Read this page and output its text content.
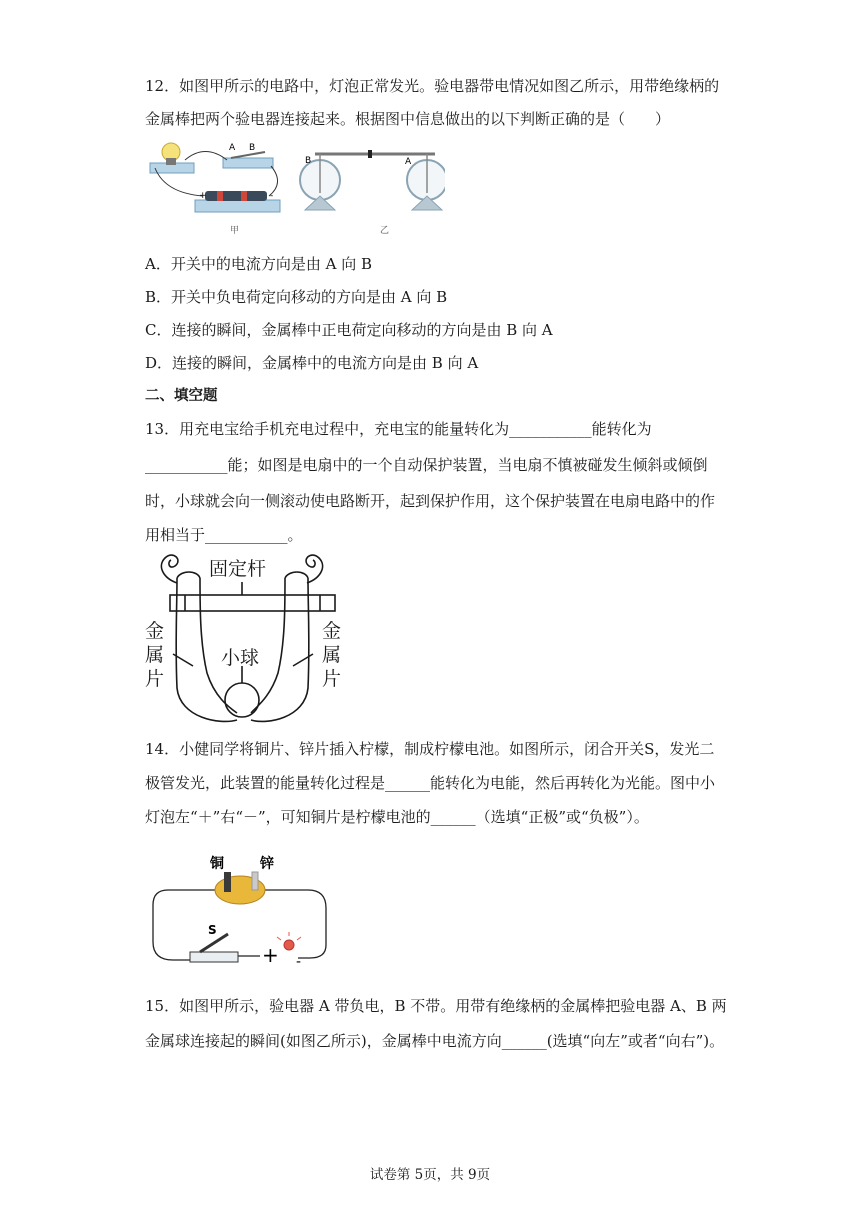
12．如图甲所示的电路中，灯泡正常发光。验电器带电情况如图乙所示，用带绝缘柄的
金属棒把两个验电器连接起来。根据图中信息做出的以下判断正确的是（　　）
A B
+	-
甲
B	A
乙
A．开关中的电流方向是由 A 向 B
B．开关中负电荷定向移动的方向是由 A 向 B
C．连接的瞬间，金属棒中正电荷定向移动的方向是由 B 向 A
D．连接的瞬间，金属棒中的电流方向是由 B 向 A
二、填空题
13．用充电宝给手机充电过程中，充电宝的能量转化为___________能转化为
___________能；如图是电扇中的一个自动保护装置，当电扇不慎被碰发生倾斜或倾倒
时，小球就会向一侧滚动使电路断开，起到保护作用，这个保护装置在电扇电路中的作
用相当于___________。
固定杆
小球
金
属
片
金
属
片
14．小健同学将铜片、锌片插入柠檬，制成柠檬电池。如图所示，闭合开关S，发光二
极管发光，此装置的能量转化过程是______能转化为电能，然后再转化为光能。图中小
灯泡左“＋”右“－”，可知铜片是柠檬电池的______（选填“正极”或“负极”）。
铜	锌
S
+ -
15．如图甲所示，验电器 A 带负电，B 不带。用带有绝缘柄的金属棒把验电器 A、B 两
金属球连接起的瞬间(如图乙所示)，金属棒中电流方向______(选填“向左”或者“向右”)。
试卷第 5页，共 9页
